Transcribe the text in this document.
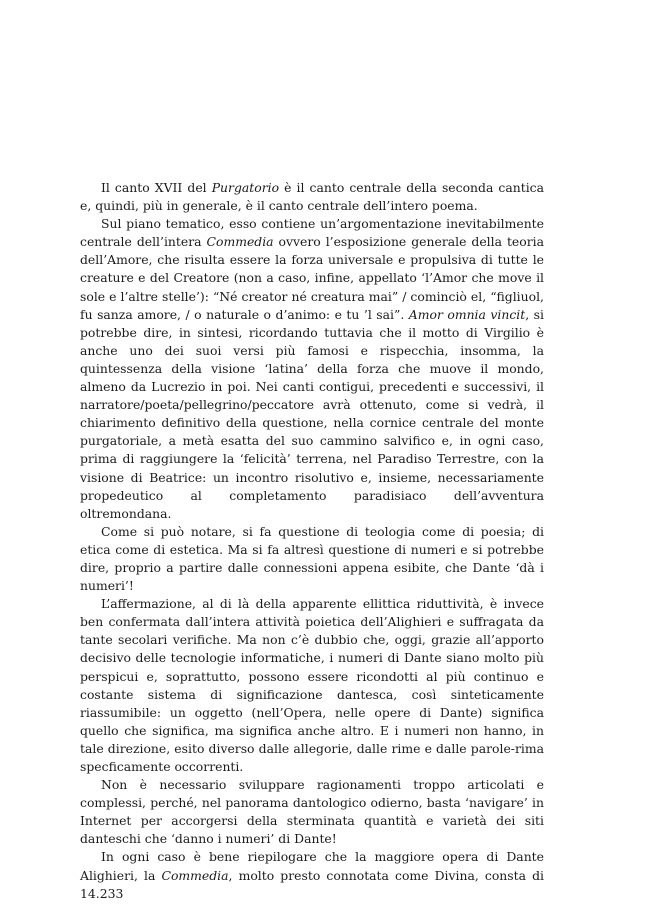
Il canto XVII del Purgatorio è il canto centrale della seconda cantica e, quindi, più in generale, è il canto centrale dell’intero poema.

Sul piano tematico, esso contiene un’argomentazione inevitabilmente centrale dell’intera Commedia ovvero l’esposizione generale della teoria dell’Amore, che risulta essere la forza universale e propulsiva di tutte le creature e del Creatore (non a caso, infine, appellato ‘l’Amor che move il sole e l’altre stelle’): “Né creator né creatura mai” / cominciò el, “figliuol, fu sanza amore, / o naturale o d’animo: e tu ’l sai”. Amor omnia vincit, si potrebbe dire, in sintesi, ricordando tuttavia che il motto di Virgilio è anche uno dei suoi versi più famosi e rispecchia, insomma, la quintessenza della visione ‘latina’ della forza che muove il mondo, almeno da Lucrezio in poi. Nei canti contigui, precedenti e successivi, il narratore/poeta/pellegrino/peccatore avrà ottenuto, come si vedrà, il chiarimento definitivo della questione, nella cornice centrale del monte purgatoriale, a metà esatta del suo cammino salvifico e, in ogni caso, prima di raggiungere la ‘felicità’ terrena, nel Paradiso Terrestre, con la visione di Beatrice: un incontro risolutivo e, insieme, necessariamente propedeutico al completamento paradisiaco dell’avventura oltremondana.

Come si può notare, si fa questione di teologia come di poesia; di etica come di estetica. Ma si fa altresì questione di numeri e si potrebbe dire, proprio a partire dalle connessioni appena esibite, che Dante ‘dà i numeri’!

L’affermazione, al di là della apparente ellittica riduttività, è invece ben confermata dall’intera attività poietica dell’Alighieri e suffragata da tante secolari verifiche. Ma non c’è dubbio che, oggi, grazie all’apporto decisivo delle tecnologie informatiche, i numeri di Dante siano molto più perspicui e, soprattutto, possono essere ricondotti al più continuo e costante sistema di significazione dantesca, così sinteticamente riassumibile: un oggetto (nell’Opera, nelle opere di Dante) significa quello che significa, ma significa anche altro. E i numeri non hanno, in tale direzione, esito diverso dalle allegorie, dalle rime e dalle parole-rima specficamente occorrenti.

Non è necessario sviluppare ragionamenti troppo articolati e complessi, perché, nel panorama dantologico odierno, basta ‘navigare’ in Internet per accorgersi della sterminata quantità e varietà dei siti danteschi che ‘danno i numeri’ di Dante!

In ogni caso è bene riepilogare che la maggiore opera di Dante Alighieri, la Commedia, molto presto connotata come Divina, consta di 14.233
